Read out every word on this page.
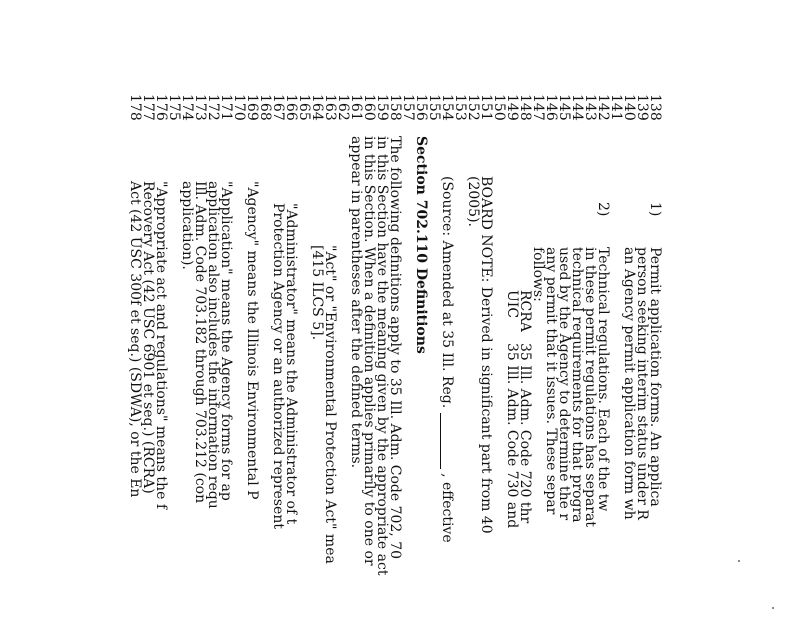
138
139
140
141
142
143
144
145
146
147
148
149
150
151
152
153
154
155
156
157
158
159
160
161
162
163
164
165
166
167
168
169
170
171
172
173
174
175
176
177
178
1)
Permit application forms. An applica
person seeking interim status under R
an Agency permit application form wh
2)
Technical regulations. Each of the tw
in these permit regulations has separat
technical requirements for that progra
used by the Agency to determine the r
any permit that it issues. These separ
follows:
RCRA
35 Ill. Adm. Code 720 thr
UIC
35 Ill. Adm. Code 730 and
BOARD NOTE: Derived in significant part from 40
(2005).
(Source: Amended at 35 Ill. Reg.  , effective
Section 702.110 Definitions
The following definitions apply to 35 Ill. Adm. Code 702, 70
in this Section have the meaning given by the appropriate act
in this Section. When a definition applies primarily to one or
appear in parentheses after the defined terms.
"Act" or "Environmental Protection Act" mea
[415 ILCS 5].
"Administrator" means the Administrator of t
Protection Agency or an authorized represent
"Agency" means the Illinois Environmental P
"Application" means the Agency forms for ap
application also includes the information requ
Ill. Adm. Code 703.182 through 703.212 (con
application).
"Appropriate act and regulations" means the f
Recovery Act (42 USC 6901 et seq.) (RCRA)
Act (42 USC 300f et seq.) (SDWA), or the En
